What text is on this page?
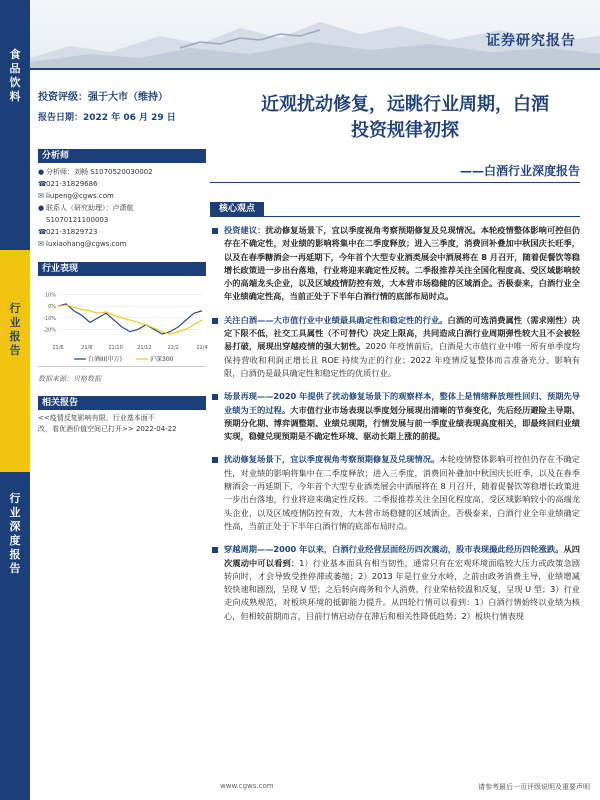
食品饮料
行业报告
行业深度报告
证券研究报告
投资评级：强于大市（维持）
报告日期：2022 年 06 月 29 日
分析师
● 分析师：刘畅 S1070520030002
☎021-31829686
✉ liupeng@cgws.com
● 联系人（研究助理）：卢潇航
S1070121100003
☎021-31829723
✉ luxiaohang@cgws.com
行业表现
10%
0%
-10%
-20%
21/6	21/8	21/10	21/12	22/2	22/4
白酒III(申万)	沪深300
数据来源：贝格数据
相关报告
<<疫情反复影响有限，行业基本面不
改，看优酒价值空间已打开>> 2022-04-22
近观扰动修复，远眺行业周期，白酒
投资规律初探
——白酒行业深度报告
核心观点
投资建议：扰动修复场景下，宜以季度视角考察预期修复及兑现情况。本轮疫情整体影响可控但仍存在不确定性，对业绩的影响将集中在二季度释放；进入三季度，消费回补叠加中秋国庆长旺季，以及在春季糖酒会一再延期下，今年首个大型专业酒类展会中酒展将在 8 月召开，随着促餐饮等稳增长政策进一步出台落地，行业将迎来确定性反转。二季报推荐关注全国化程度高、受区域影响较小的高端龙头企业，以及区域疫情防控有效，大本营市场稳健的区域酒企。否极泰来，白酒行业全年业绩确定性高，当前正处于下半年白酒行情的底部布局时点。
关注白酒——大市值行业中业绩最具确定性和稳定性的行业。白酒的可选消费属性（需求刚性）决定下限不低，社交工具属性（不可替代）决定上限高，共同造成白酒行业周期弹性较大且不会被轻易打破，展现出穿越疫情的强大韧性。2020 年疫情前后，白酒是大市值行业中唯一所有单季度均保持营收和利润正增长且 ROE 持续为正的行业；2022 年疫情反复整体而言准备充分、影响有限，白酒仍是最具确定性和稳定性的优质行业。
场景再现——2020 年提供了扰动修复场景下的观察样本，整体上是情绪释放理性回归、预期先导业绩为王的过程。大市值行业市场表现以季度划分展现出清晰的节奏变化，先后经历避险主导期、预期分化期、博弈调整期、业绩兑现期，行情发展与前一季度业绩表现高度相关，即最终回归业绩实现，稳健兑现预期是不确定性环境、驱动长期上涨的前提。
扰动修复场景下，宜以季度视角考察预期修复及兑现情况。本轮疫情整体影响可控但仍存在不确定性，对业绩的影响将集中在二季度释放；进入三季度，消费回补叠加中秋国庆长旺季，以及在春季糖酒会一再延期下，今年首个大型专业酒类展会中酒展将在 8 月召开，随着促餐饮等稳增长政策进一步出台落地，行业将迎来确定性反转。二季报推荐关注全国化程度高、受区域影响较小的高端龙头企业，以及区域疫情防控有效，大本营市场稳健的区域酒企。否极泰来，白酒行业全年业绩确定性高，当前正处于下半年白酒行情的底部布局时点。
穿越周期——2000 年以来，白酒行业经营层面经历四次震动，股市表现撮此经历四轮涨跌。从四次震动中可以看到：1）行业基本面具有相当韧性，通常只有在宏观环境面临较大压力或政策急剧转向时，才会导致受挫停滞或萎缩；2）2013 年是行业分水岭，之前由政务消费主导，业绩增减较快速和剧烈，呈现 V 型；之后转向商务和个人消费，行业荣枯较温和反复，呈现 U 型；3）行业走向成熟规范，对板块环境的抵御能力提升。从四轮行情可以看到：1）白酒行情始终以业绩为核心，但相较前期而言，目前行情启动存在滞后和相关性降低趋势；2）板块行情表现
www.cgws.com	请参考最后一页评级说明及重要声明
